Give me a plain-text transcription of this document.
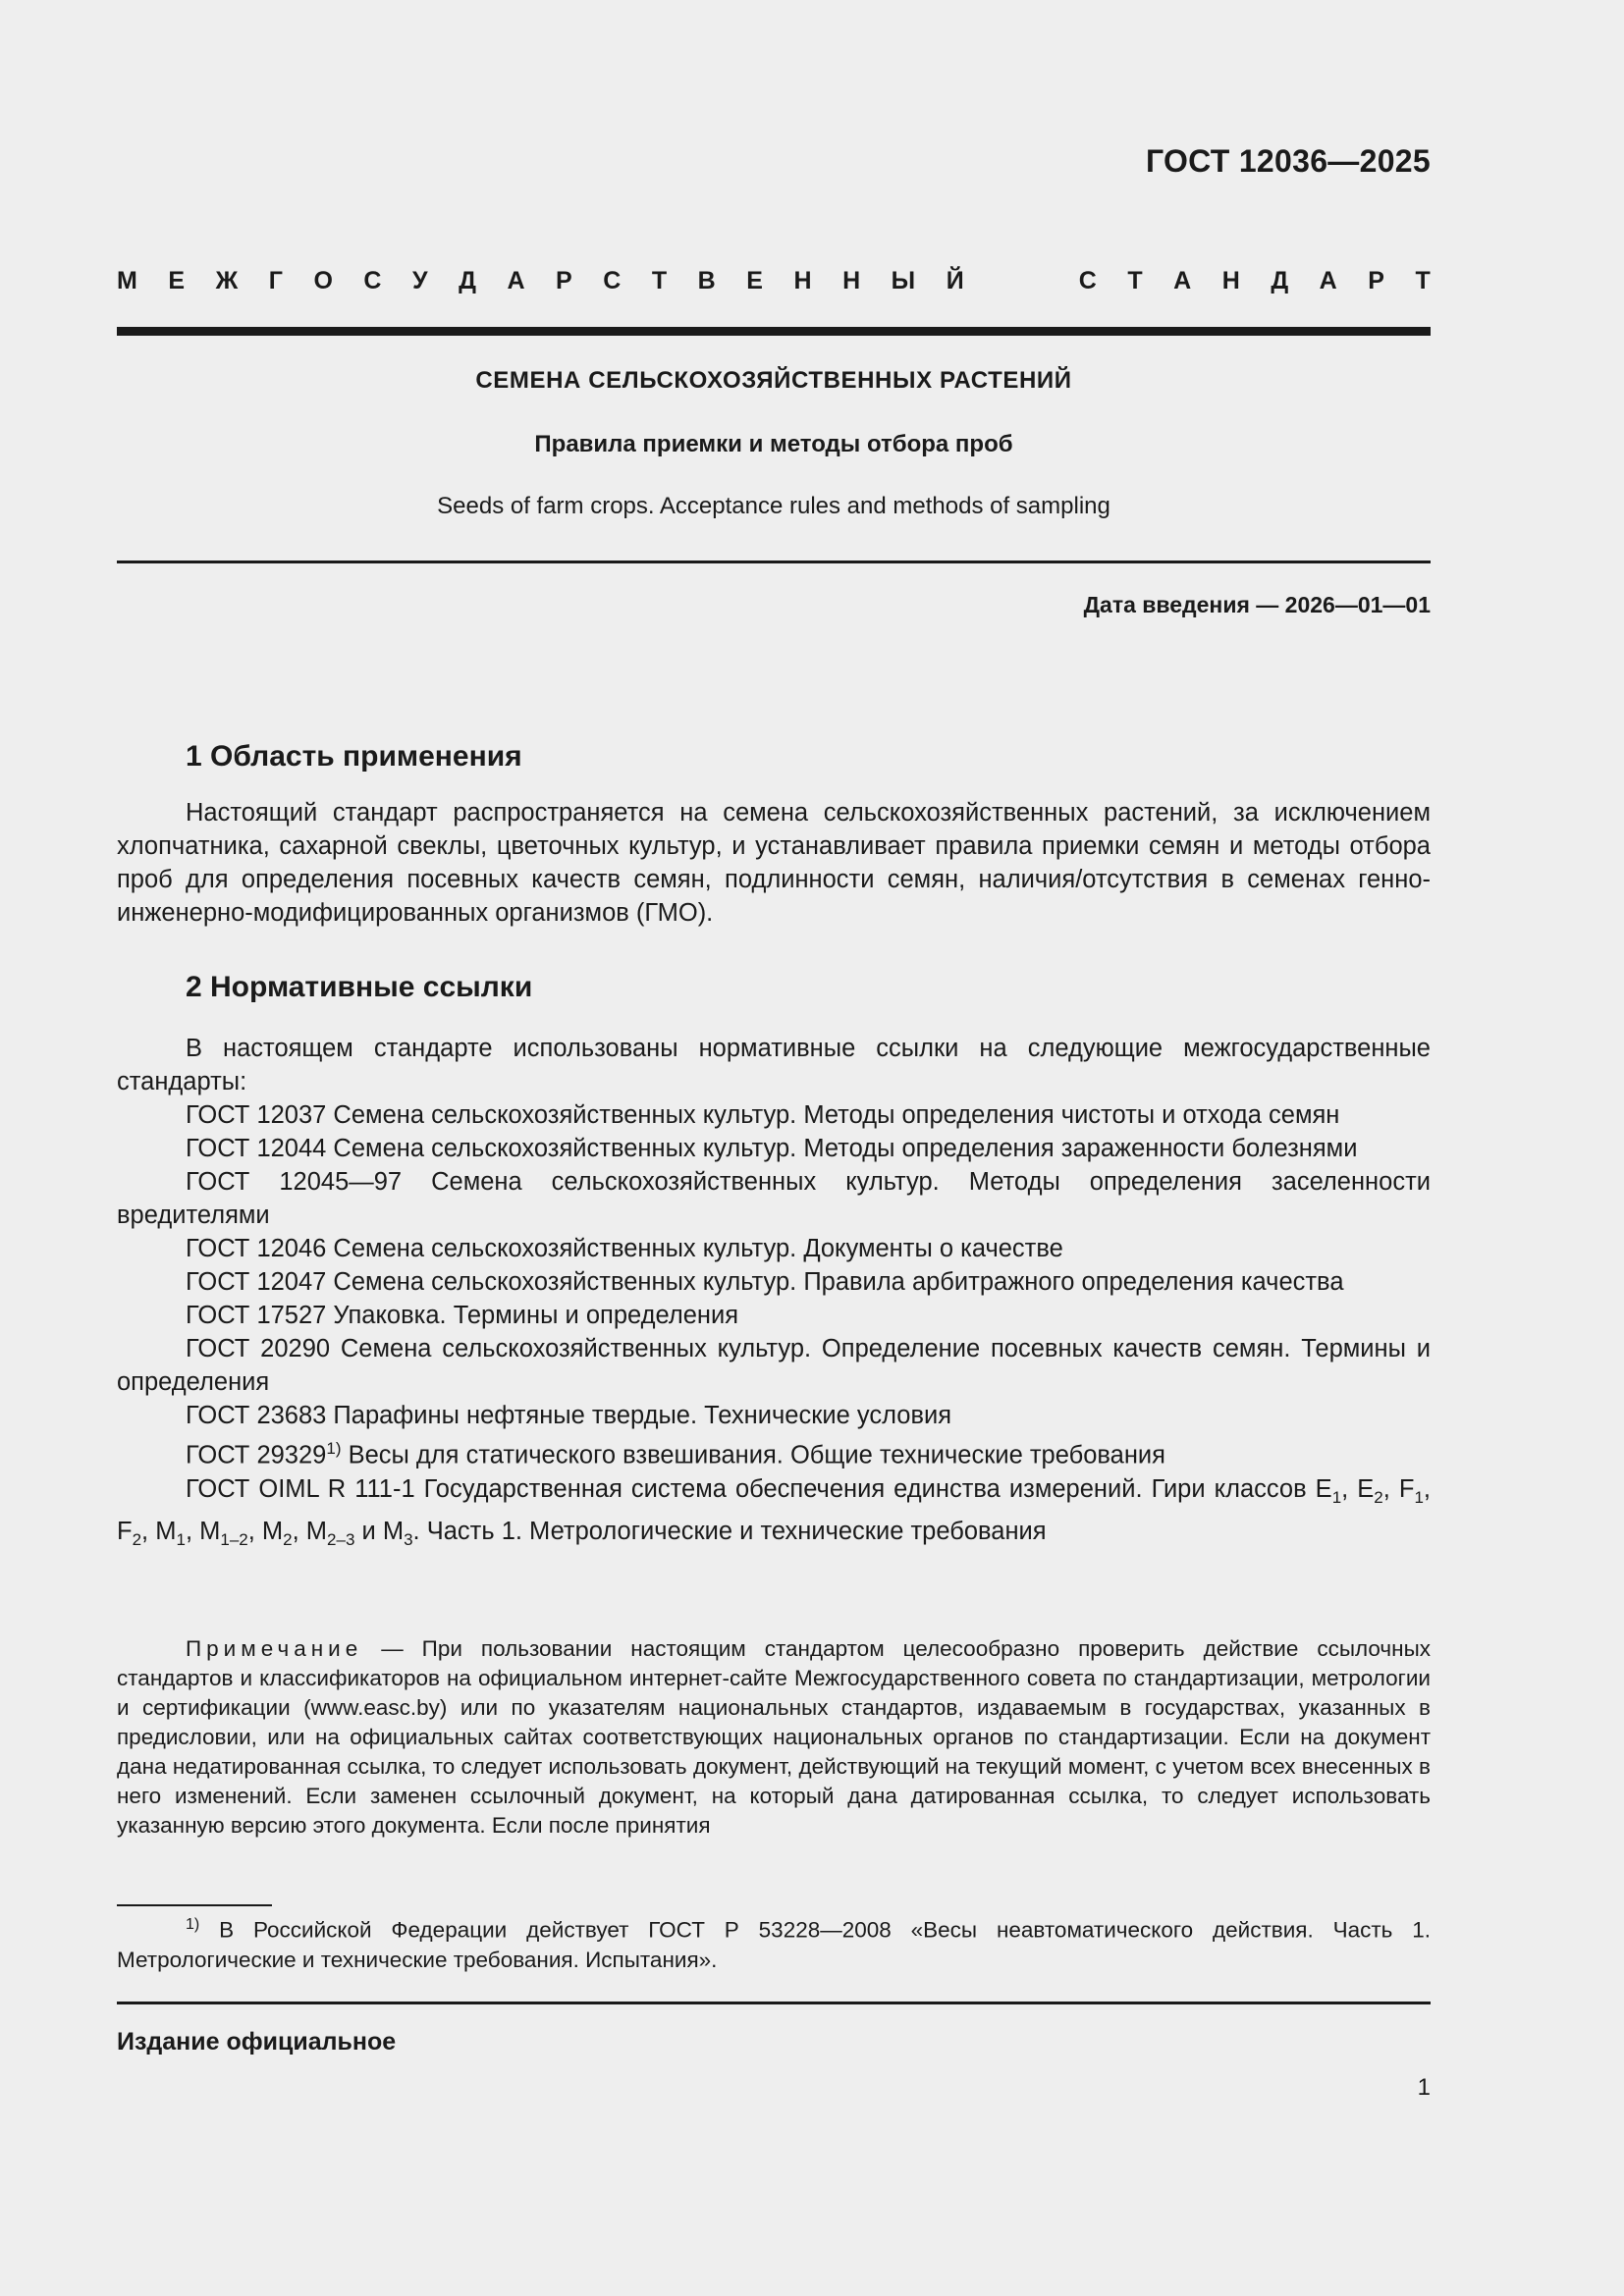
ГОСТ 12036—2025
М Е Ж Г О С У Д А Р С Т В Е Н Н Ы Й	С Т А Н Д А Р Т
СЕМЕНА СЕЛЬСКОХОЗЯЙСТВЕННЫХ РАСТЕНИЙ
Правила приемки и методы отбора проб
Seeds of farm crops. Acceptance rules and methods of sampling
Дата введения — 2026—01—01
1 Область применения

Настоящий стандарт распространяется на семена сельскохозяйственных растений, за исключением хлопчатника, сахарной свеклы, цветочных культур, и устанавливает правила приемки семян и методы отбора проб для определения посевных качеств семян, подлинности семян, наличия/отсутствия в семенах генно-инженерно-модифицированных организмов (ГМО).

2 Нормативные ссылки

В настоящем стандарте использованы нормативные ссылки на следующие межгосударственные стандарты:

ГОСТ 12037 Семена сельскохозяйственных культур. Методы определения чистоты и отхода семян

ГОСТ 12044 Семена сельскохозяйственных культур. Методы определения зараженности болезнями

ГОСТ 12045—97 Семена сельскохозяйственных культур. Методы определения заселенности вредителями

ГОСТ 12046 Семена сельскохозяйственных культур. Документы о качестве

ГОСТ 12047 Семена сельскохозяйственных культур. Правила арбитражного определения качества

ГОСТ 17527 Упаковка. Термины и определения

ГОСТ 20290 Семена сельскохозяйственных культур. Определение посевных качеств семян. Термины и определения

ГОСТ 23683 Парафины нефтяные твердые. Технические условия

ГОСТ 29329$^{1)}$ Весы для статического взвешивания. Общие технические требования

ГОСТ OIML R 111-1 Государственная система обеспечения единства измерений. Гири классов $E_1$, $E_2$, $F_1$, $F_2$, $M_1$, $M_{1-2}$, $M_2$, $M_{2-3}$ и $M_3$. Часть 1. Метрологические и технические требования

Примечание — При пользовании настоящим стандартом целесообразно проверить действие ссылочных стандартов и классификаторов на официальном интернет-сайте Межгосударственного совета по стандартизации, метрологии и сертификации (www.easc.by) или по указателям национальных стандартов, издаваемым в государствах, указанных в предисловии, или на официальных сайтах соответствующих национальных органов по стандартизации. Если на документ дана недатированная ссылка, то следует использовать документ, действующий на текущий момент, с учетом всех внесенных в него изменений. Если заменен ссылочный документ, на который дана датированная ссылка, то следует использовать указанную версию этого документа. Если после принятия

$^{1)}$ В Российской Федерации действует ГОСТ Р 53228—2008 «Весы неавтоматического действия. Часть 1. Метрологические и технические требования. Испытания».

Издание официальное
1
